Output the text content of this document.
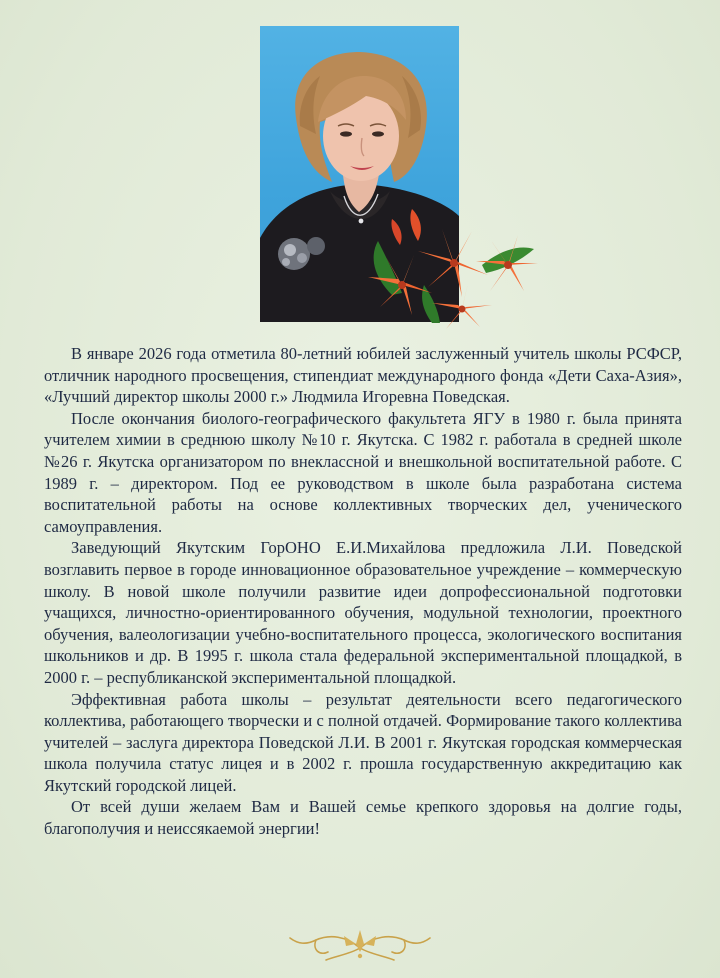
В январе 2026 года отметила 80-летний юбилей заслуженный учитель школы РСФСР, отличник народного просвещения, стипендиат международного фонда «Дети Саха-Азия», «Лучший директор школы 2000 г.» Людмила Игоревна Поведская.

После окончания биолого-географического факультета ЯГУ в 1980 г. была принята учителем химии в среднюю школу №10 г. Якутска. С 1982 г. работала в средней школе №26 г. Якутска организатором по внеклассной и внешкольной воспитательной работе. С 1989 г. – директором. Под ее руководством в школе была разработана система воспитательной работы на основе коллективных творческих дел, ученического самоуправления.

Заведующий Якутским ГорОНО Е.И.Михайлова предложила Л.И. Поведской возглавить первое в городе инновационное образовательное учреждение – коммерческую школу. В новой школе получили развитие идеи допрофессиональной подготовки учащихся, личностно-ориентированного обучения, модульной технологии, проектного обучения, валеологизации учебно-воспитательного процесса, экологического воспитания школьников и др. В 1995 г. школа стала федеральной экспериментальной площадкой, в 2000 г. – республиканской экспериментальной площадкой.

Эффективная работа школы – результат деятельности всего педагогического коллектива, работающего творчески и с полной отдачей. Формирование такого коллектива учителей – заслуга директора Поведской Л.И. В 2001 г. Якутская городская коммерческая школа получила статус лицея и в 2002 г. прошла государственную аккредитацию как Якутский городской лицей.

От всей души желаем Вам и Вашей семье крепкого здоровья на долгие годы, благополучия и неиссякаемой энергии!
